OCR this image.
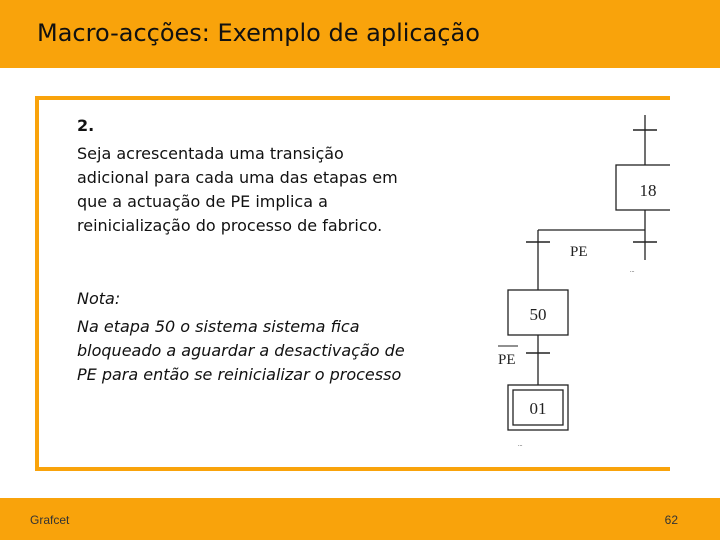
Macro-acções: Exemplo de aplicação
2.
Seja acrescentada uma transição
adicional para cada uma das etapas em
que a actuação de PE implica a
reinicialização do processo de fabrico.
Nota:
Na etapa 50 o sistema sistema fica
bloqueado a aguardar a desactivação de
PE para então se reinicializar o processo
18
...
PE
50
PE
01
...
Grafcet	62
